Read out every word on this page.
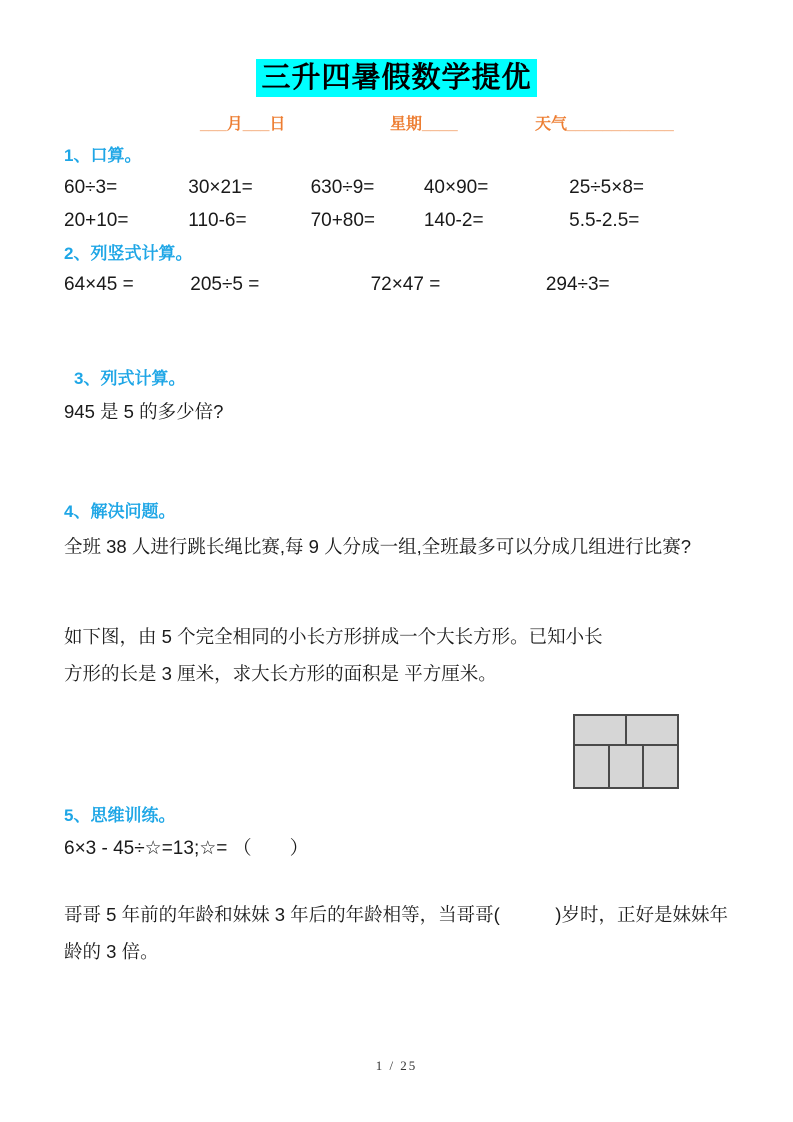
三升四暑假数学提优
___月___日	星期____	天气____________

1、口算。

60÷3=	30×21=	630÷9=	40×90=	25÷5×8=
20+10=	110-6=	70+80=	140-2=	5.5-2.5=

2、列竖式计算。

64×45 =	205÷5 =	72×47 =	294÷3=

3、列式计算。

945 是 5 的多少倍?

4、解决问题。

全班 38 人进行跳长绳比赛,每 9 人分成一组,全班最多可以分成几组进行比赛?

如下图，由 5 个完全相同的小长方形拼成一个大长方形。已知小长
方形的长是 3 厘米，求大长方形的面积是 平方厘米。

5、思维训练。

6×3 - 45÷☆=13;☆= （　　）

哥哥 5 年前的年龄和妹妹 3 年后的年龄相等，当哥哥(　　　)岁时，正好是妹妹年
龄的 3 倍。

1 / 25
